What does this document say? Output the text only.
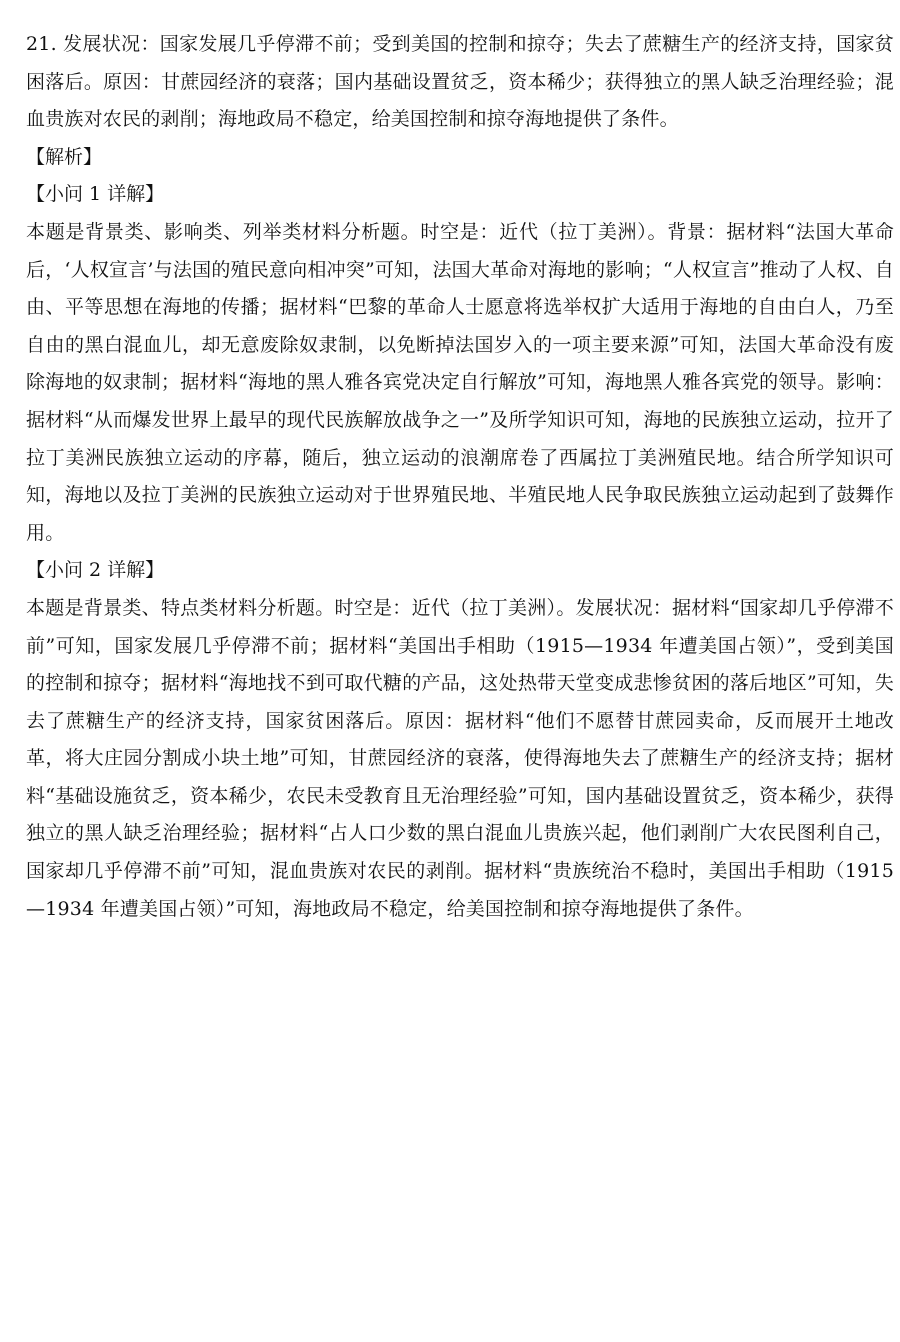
21. 发展状况：国家发展几乎停滞不前；受到美国的控制和掠夺；失去了蔗糖生产的经济支持，国家贫困落后。原因：甘蔗园经济的衰落；国内基础设置贫乏，资本稀少；获得独立的黑人缺乏治理经验；混血贵族对农民的剥削；海地政局不稳定，给美国控制和掠夺海地提供了条件。

【解析】

【小问 1 详解】

本题是背景类、影响类、列举类材料分析题。时空是：近代（拉丁美洲）。背景：据材料“法国大革命后，‘人权宣言’与法国的殖民意向相冲突”可知，法国大革命对海地的影响；“人权宣言”推动了人权、自由、平等思想在海地的传播；据材料“巴黎的革命人士愿意将选举权扩大适用于海地的自由白人，乃至自由的黑白混血儿，却无意废除奴隶制，以免断掉法国岁入的一项主要来源”可知，法国大革命没有废除海地的奴隶制；据材料“海地的黑人雅各宾党决定自行解放”可知，海地黑人雅各宾党的领导。影响：据材料“从而爆发世界上最早的现代民族解放战争之一”及所学知识可知，海地的民族独立运动，拉开了拉丁美洲民族独立运动的序幕，随后，独立运动的浪潮席卷了西属拉丁美洲殖民地。结合所学知识可知，海地以及拉丁美洲的民族独立运动对于世界殖民地、半殖民地人民争取民族独立运动起到了鼓舞作用。

【小问 2 详解】

本题是背景类、特点类材料分析题。时空是：近代（拉丁美洲）。发展状况：据材料“国家却几乎停滞不前”可知，国家发展几乎停滞不前；据材料“美国出手相助（1915—1934 年遭美国占领）”，受到美国的控制和掠夺；据材料“海地找不到可取代糖的产品，这处热带天堂变成悲惨贫困的落后地区”可知，失去了蔗糖生产的经济支持，国家贫困落后。原因：据材料“他们不愿替甘蔗园卖命，反而展开土地改革，将大庄园分割成小块土地”可知，甘蔗园经济的衰落，使得海地失去了蔗糖生产的经济支持；据材料“基础设施贫乏，资本稀少，农民未受教育且无治理经验”可知，国内基础设置贫乏，资本稀少，获得独立的黑人缺乏治理经验；据材料“占人口少数的黑白混血儿贵族兴起，他们剥削广大农民图利自己，国家却几乎停滞不前”可知，混血贵族对农民的剥削。据材料“贵族统治不稳时，美国出手相助（1915—1934 年遭美国占领）”可知，海地政局不稳定，给美国控制和掠夺海地提供了条件。
